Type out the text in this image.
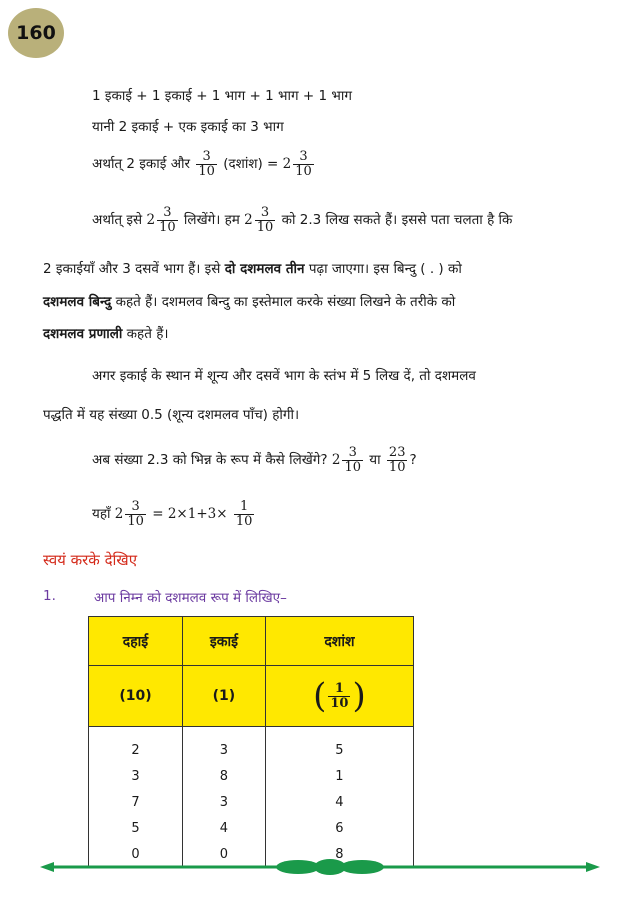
160
1 इकाई + 1 इकाई + 1 भाग + 1 भाग + 1 भाग
यानी 2 इकाई + एक इकाई का 3 भाग
अर्थात् 2 इकाई और $\frac{3}{10}$ (दशांश) = $2 \frac{3}{10}$
अर्थात् इसे $2 \frac{3}{10}$ लिखेंगे। हम $2 \frac{3}{10}$ को 2.3 लिख सकते हैं। इससे पता चलता है कि
2 इकाईयाँ और 3 दसवें भाग हैं। इसे दो दशमलव तीन पढ़ा जाएगा। इस बिन्दु ( . ) को
दशमलव बिन्दु कहते हैं। दशमलव बिन्दु का इस्तेमाल करके संख्या लिखने के तरीके को
दशमलव प्रणाली कहते हैं।
अगर इकाई के स्थान में शून्य और दसवें भाग के स्तंभ में 5 लिख दें, तो दशमलव
पद्धति में यह संख्या 0.5 (शून्य दशमलव पाँच) होगी।
अब संख्या 2.3 को भिन्न के रूप में कैसे लिखेंगे? $2 \frac{3}{10}$ या $\frac{23}{10}$ ?
यहाँ $2 \frac{3}{10} = 2\times 1+3\times \frac{1}{10}$
स्वयं करके देखिए
1.	आप निम्न को दशमलव रूप में लिखिए–
दहाई	इकाई	दशांश
(10)	(1)	( $\frac{1}{10}$ )

2	3	5
3	8	1
7	3	4
5	4	6
0	0	8
